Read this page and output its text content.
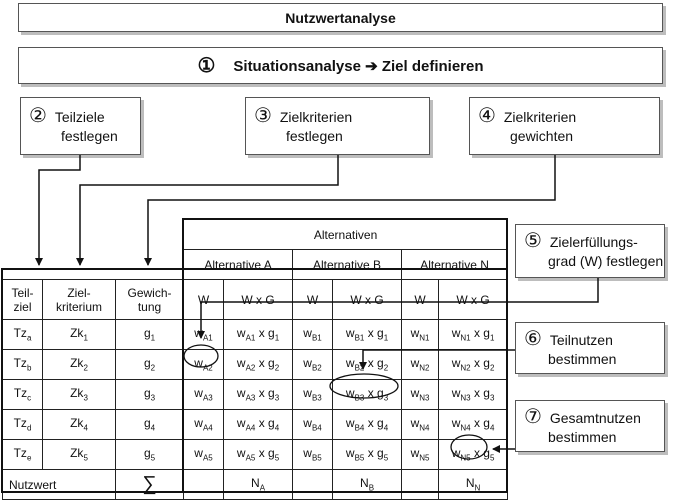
Nutzwertanalyse
① Situationsanalyse ➔ Ziel definieren
② Teilziele
festlegen
③ Zielkriterien
festlegen
④ Zielkriterien
gewichten
⑤ Zielerfüllungs-
grad (W) festlegen
⑥ Teilnutzen
bestimmen
⑦ Gesamtnutzen
bestimmen
			Alternativen					
			Alternative A		Alternative B		Alternative N	
Teil-
ziel	Ziel-
kriterium	Gewich-
tung	W	W x G	W	W x G	W	W x G
$Tz_a$	$Zk_1$	$g_1$	$w_{A1}$	$w_{A1}$ x $g_1$	$w_{B1}$	$w_{B1}$ x $g_1$	$w_{N1}$	$w_{N1}$ x $g_1$
$Tz_b$	$Zk_2$	$g_2$	$w_{A2}$	$w_{A2}$ x $g_2$	$w_{B2}$	$w_{B2}$ x $g_2$	$w_{N2}$	$w_{N2}$ x $g_2$
$Tz_c$	$Zk_3$	$g_3$	$w_{A3}$	$w_{A3}$ x $g_3$	$w_{B3}$	$w_{B3}$ x $g_3$	$w_{N3}$	$w_{N3}$ x $g_3$
$Tz_d$	$Zk_4$	$g_4$	$w_{A4}$	$w_{A4}$ x $g_4$	$w_{B4}$	$w_{B4}$ x $g_4$	$w_{N4}$	$w_{N4}$ x $g_4$
$Tz_e$	$Zk_5$	$g_5$	$w_{A5}$	$w_{A5}$ x $g_5$	$w_{B5}$	$w_{B5}$ x $g_5$	$w_{N5}$	$w_{N5}$ x $g_5$
Nutzwert		∑		$N_A$		$N_B$		$N_N$
